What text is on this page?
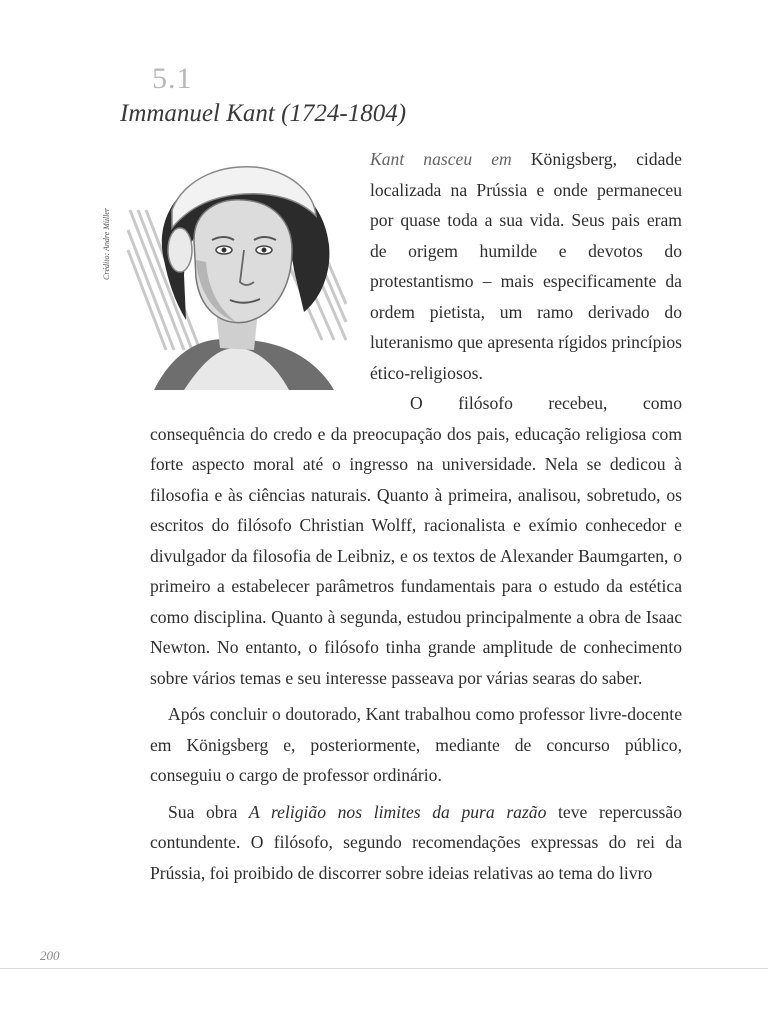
5.1
Immanuel Kant (1724-1804)
Crédito: Andre Müller

Kant nasceu em Königsberg, cidade localizada na Prússia e onde permaneceu por quase toda a sua vida. Seus pais eram de origem humilde e devotos do protestantismo – mais especificamente da ordem pietista, um ramo derivado do luteranismo que apresenta rígidos princípios ético-religiosos.

O filósofo recebeu, como consequência do credo e da preocupação dos pais, educação religiosa com forte aspecto moral até o ingresso na universidade. Nela se dedicou à filosofia e às ciências naturais. Quanto à primeira, analisou, sobretudo, os escritos do filósofo Christian Wolff, racionalista e exímio conhecedor e divulgador da filosofia de Leibniz, e os textos de Alexander Baumgarten, o primeiro a estabelecer parâmetros fundamentais para o estudo da estética como disciplina. Quanto à segunda, estudou principalmente a obra de Isaac Newton. No entanto, o filósofo tinha grande amplitude de conhecimento sobre vários temas e seu interesse passeava por várias searas do saber.

Após concluir o doutorado, Kant trabalhou como professor livre-docente em Königsberg e, posteriormente, mediante de concurso público, conseguiu o cargo de professor ordinário.

Sua obra A religião nos limites da pura razão teve repercussão contundente. O filósofo, segundo recomendações expressas do rei da Prússia, foi proibido de discorrer sobre ideias relativas ao tema do livro

200
